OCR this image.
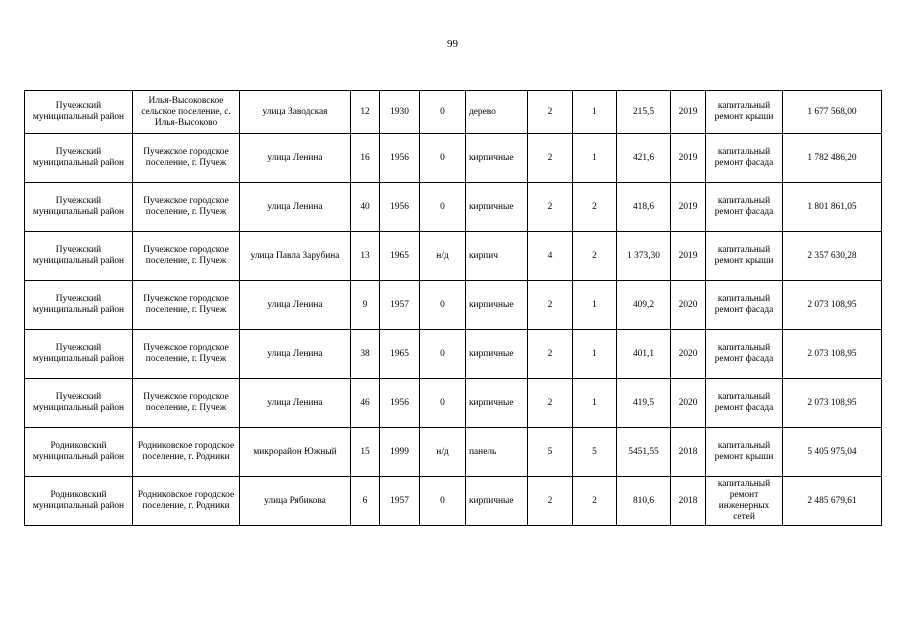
99
Пучежский муниципальный район	Илья-Высоковское сельское поселение, с. Илья-Высоково	улица Заводская	12	1930	0	дерево	2	1	215,5	2019	капитальный ремонт крыши	1 677 568,00
Пучежский муниципальный район	Пучежское городское поселение, г. Пучеж	улица Ленина	16	1956	0	кирпичные	2	1	421,6	2019	капитальный ремонт фасада	1 782 486,20
Пучежский муниципальный район	Пучежское городское поселение, г. Пучеж	улица Ленина	40	1956	0	кирпичные	2	2	418,6	2019	капитальный ремонт фасада	1 801 861,05
Пучежский муниципальный район	Пучежское городское поселение, г. Пучеж	улица Павла Зарубина	13	1965	н/д	кирпич	4	2	1 373,30	2019	капитальный ремонт крыши	2 357 630,28
Пучежский муниципальный район	Пучежское городское поселение, г. Пучеж	улица Ленина	9	1957	0	кирпичные	2	1	409,2	2020	капитальный ремонт фасада	2 073 108,95
Пучежский муниципальный район	Пучежское городское поселение, г. Пучеж	улица Ленина	38	1965	0	кирпичные	2	1	401,1	2020	капитальный ремонт фасада	2 073 108,95
Пучежский муниципальный район	Пучежское городское поселение, г. Пучеж	улица Ленина	46	1956	0	кирпичные	2	1	419,5	2020	капитальный ремонт фасада	2 073 108,95
Родниковский муниципальный район	Родниковское городское поселение, г. Родники	микрорайон Южный	15	1999	н/д	панель	5	5	5451,55	2018	капитальный ремонт крыши	5 405 975,04
Родниковский муниципальный район	Родниковское городское поселение, г. Родники	улица Рябикова	6	1957	0	кирпичные	2	2	810,6	2018	капитальный ремонт инженерных сетей	2 485 679,61
